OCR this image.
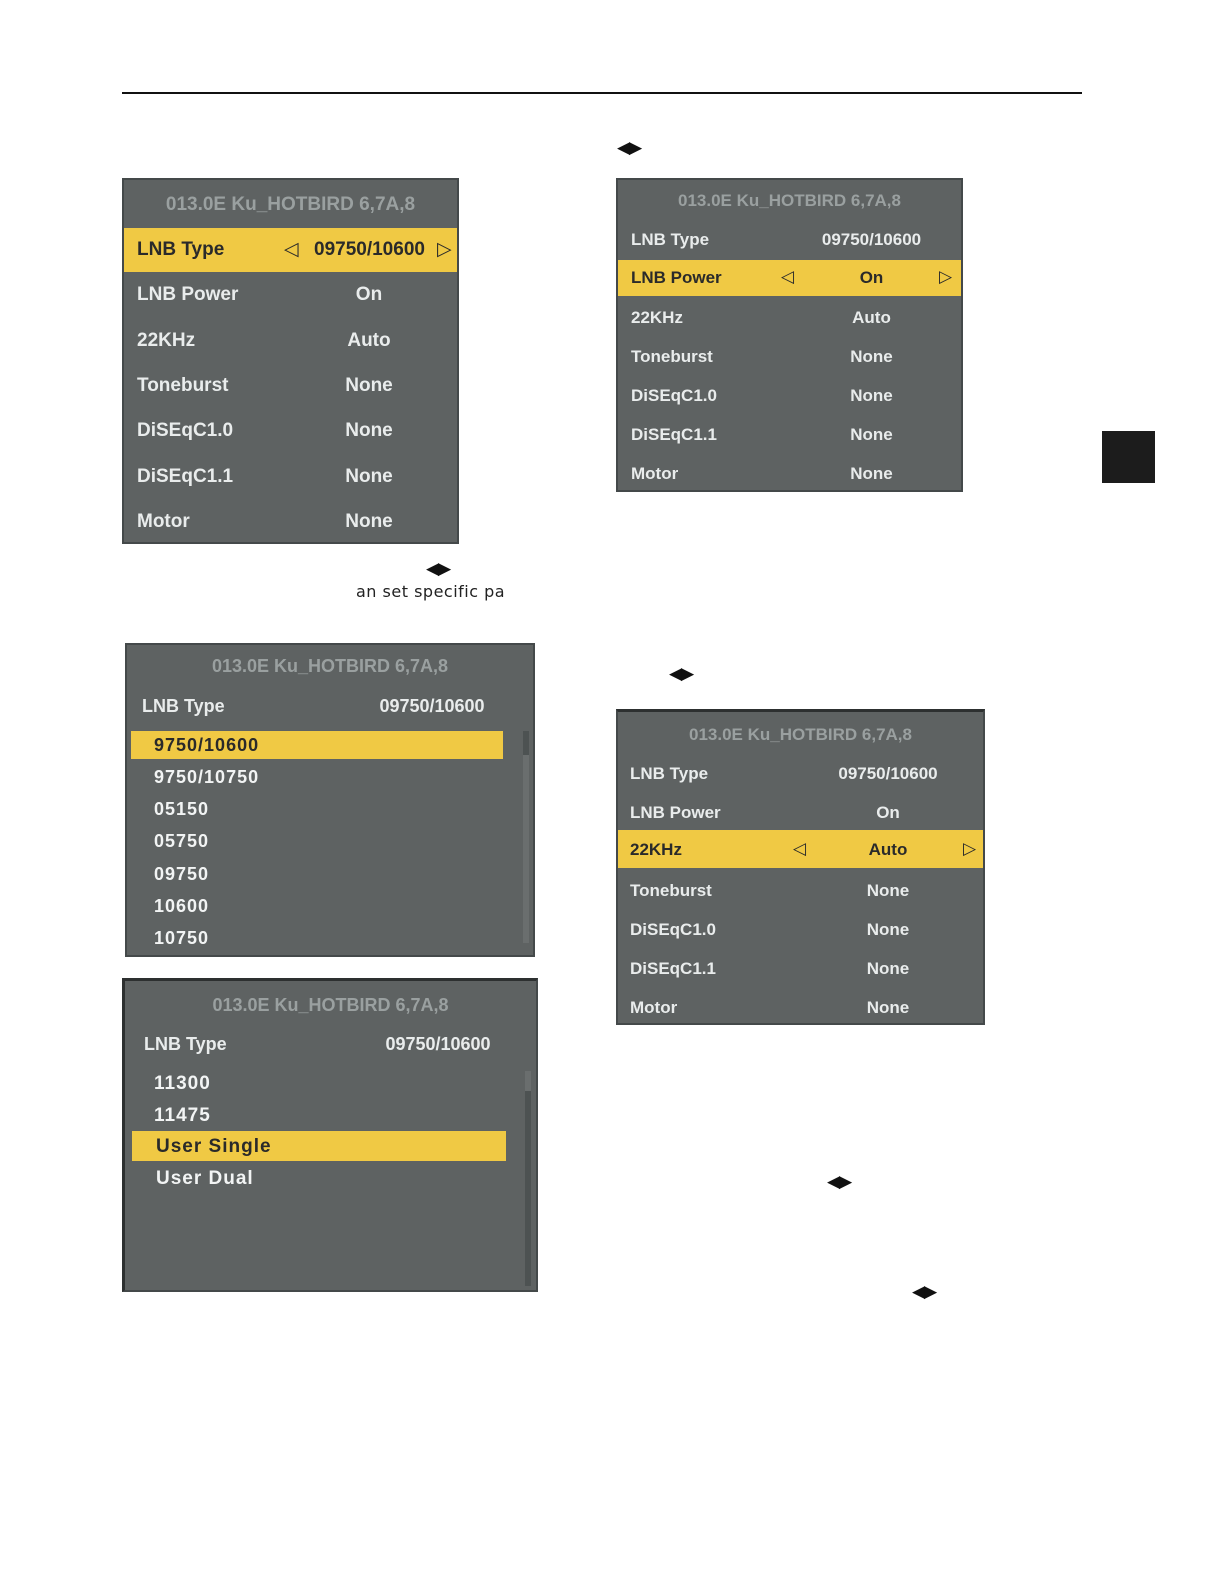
◀▶
◀▶
◀▶
◀▶
◀▶
an set specific pa
013.0E Ku_HOTBIRD 6,7A,8
LNB Type	◁ 09750/10600 ▷
LNB Power	On
22KHz	Auto
Toneburst	None
DiSEqC1.0	None
DiSEqC1.1	None
Motor	None
013.0E Ku_HOTBIRD 6,7A,8
LNB Type	09750/10600
LNB Power	◁	On	▷
22KHz	Auto
Toneburst	None
DiSEqC1.0	None
DiSEqC1.1	None
Motor	None
013.0E Ku_HOTBIRD 6,7A,8
LNB Type	09750/10600
9750/10600
9750/10750
05150
05750
09750
10600
10750
013.0E Ku_HOTBIRD 6,7A,8
LNB Type	09750/10600
11300
11475
User Single
User Dual
013.0E Ku_HOTBIRD 6,7A,8
LNB Type	09750/10600
LNB Power	On
22KHz	◁	Auto	▷
Toneburst	None
DiSEqC1.0	None
DiSEqC1.1	None
Motor	None
